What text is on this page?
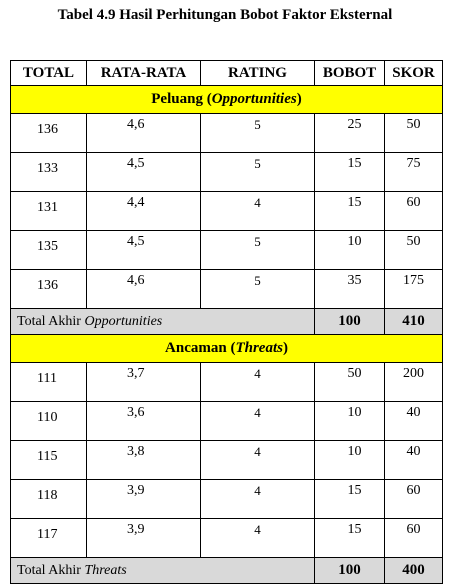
Tabel 4.9 Hasil Perhitungan Bobot Faktor Eksternal
TOTAL	RATA-RATA	RATING	BOBOT	SKOR
Peluang (Opportunities)				
136	4,6	5	25	50
133	4,5	5	15	75
131	4,4	4	15	60
135	4,5	5	10	50
136	4,6	5	35	175
Total Akhir Opportunities			100	410
Ancaman (Threats)				
111	3,7	4	50	200
110	3,6	4	10	40
115	3,8	4	10	40
118	3,9	4	15	60
117	3,9	4	15	60
Total Akhir Threats			100	400
